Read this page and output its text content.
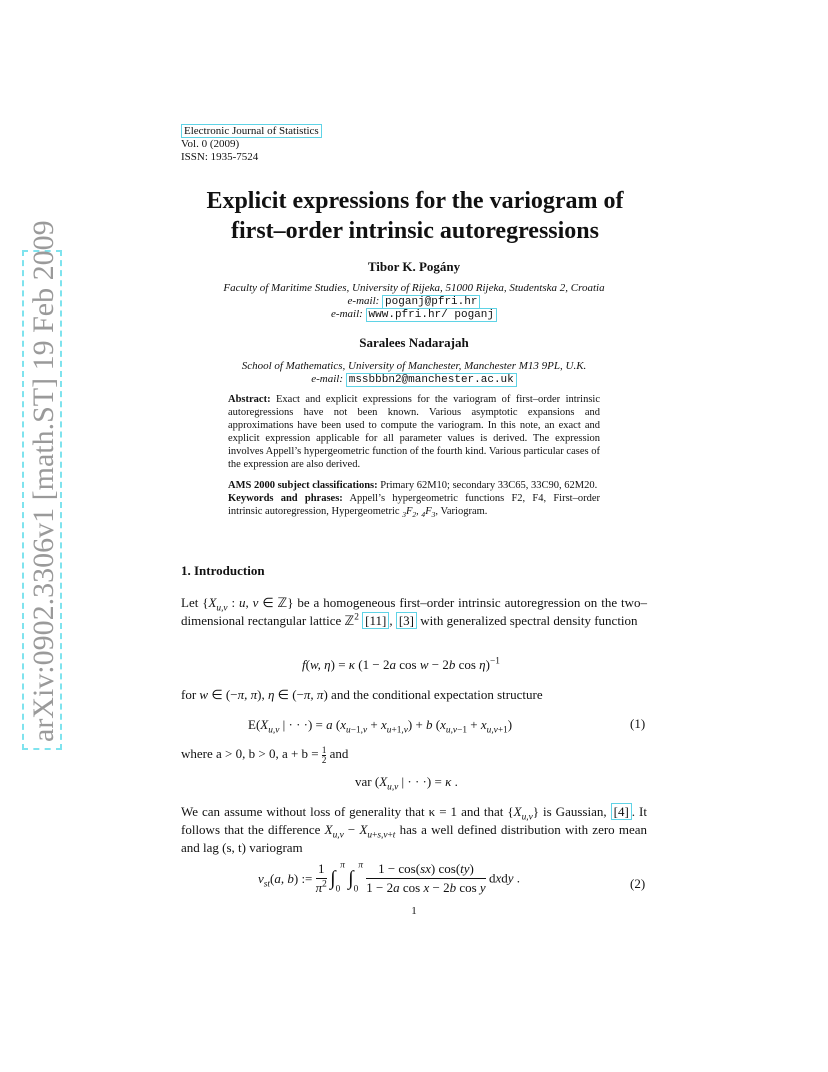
arXiv:0902.3306v1 [math.ST] 19 Feb 2009
Electronic Journal of Statistics
Vol. 0 (2009)
ISSN: 1935-7524
Explicit expressions for the variogram of
first–order intrinsic autoregressions
Tibor K. Pogány
Faculty of Maritime Studies, University of Rijeka, 51000 Rijeka, Studentska 2, Croatia
e-mail: poganj@pfri.hr
e-mail: www.pfri.hr/ poganj
Saralees Nadarajah
School of Mathematics, University of Manchester, Manchester M13 9PL, U.K.
e-mail: mssbbbn2@manchester.ac.uk
Abstract: Exact and explicit expressions for the variogram of first–order intrinsic autoregressions have not been known. Various asymptotic expansions and approximations have been used to compute the variogram. In this note, an exact and explicit expression applicable for all parameter values is derived. The expression involves Appell’s hypergeometric function of the fourth kind. Various particular cases of the expression are also derived.
AMS 2000 subject classifications: Primary 62M10; secondary 33C65, 33C90, 62M20.
Keywords and phrases: Appell’s hypergeometric functions F2, F4, First–order intrinsic autoregression, Hypergeometric $_3F_2$, $_4F_3$, Variogram.
1. Introduction
Let {$X_{u,v}$ : u, v ∈ ℤ} be a homogeneous first–order intrinsic autoregression on the two–dimensional rectangular lattice ℤ$^2$ [11] , [3] with generalized spectral density function
f(w, η) = κ (1 − 2a cos w − 2b cos η)$^{-1}$
for w ∈ (−π, π), η ∈ (−π, π) and the conditional expectation structure
$E(X_{u,v}$ | · · ·) = a $(x_{u-1,v} + x_{u+1,v}) + b$ $(x_{u,v-1} + x_{u,v+1})$	(1)
where a > 0, b > 0, $a + b = \frac{1}{2}$ and
var ($X_{u,v}$ | · · ·) = κ .
We can assume without loss of generality that κ = 1 and that $\{X_{u,v}\}$ is Gaussian, [4] . It follows that the difference $X_{u,v} - X_{u+s,v+t}$ has a well defined distribution with zero mean and lag (s, t) variogram
$\nu_{st}(a$, b) := $\frac{1}{\pi^2} \int_0^\pi$ $\int_0^\pi \frac{1 - \cos(sx) \cos(ty)}{\text{1 − 2a cos x − 2b cos y}}$ dxdy .	(2)
1
